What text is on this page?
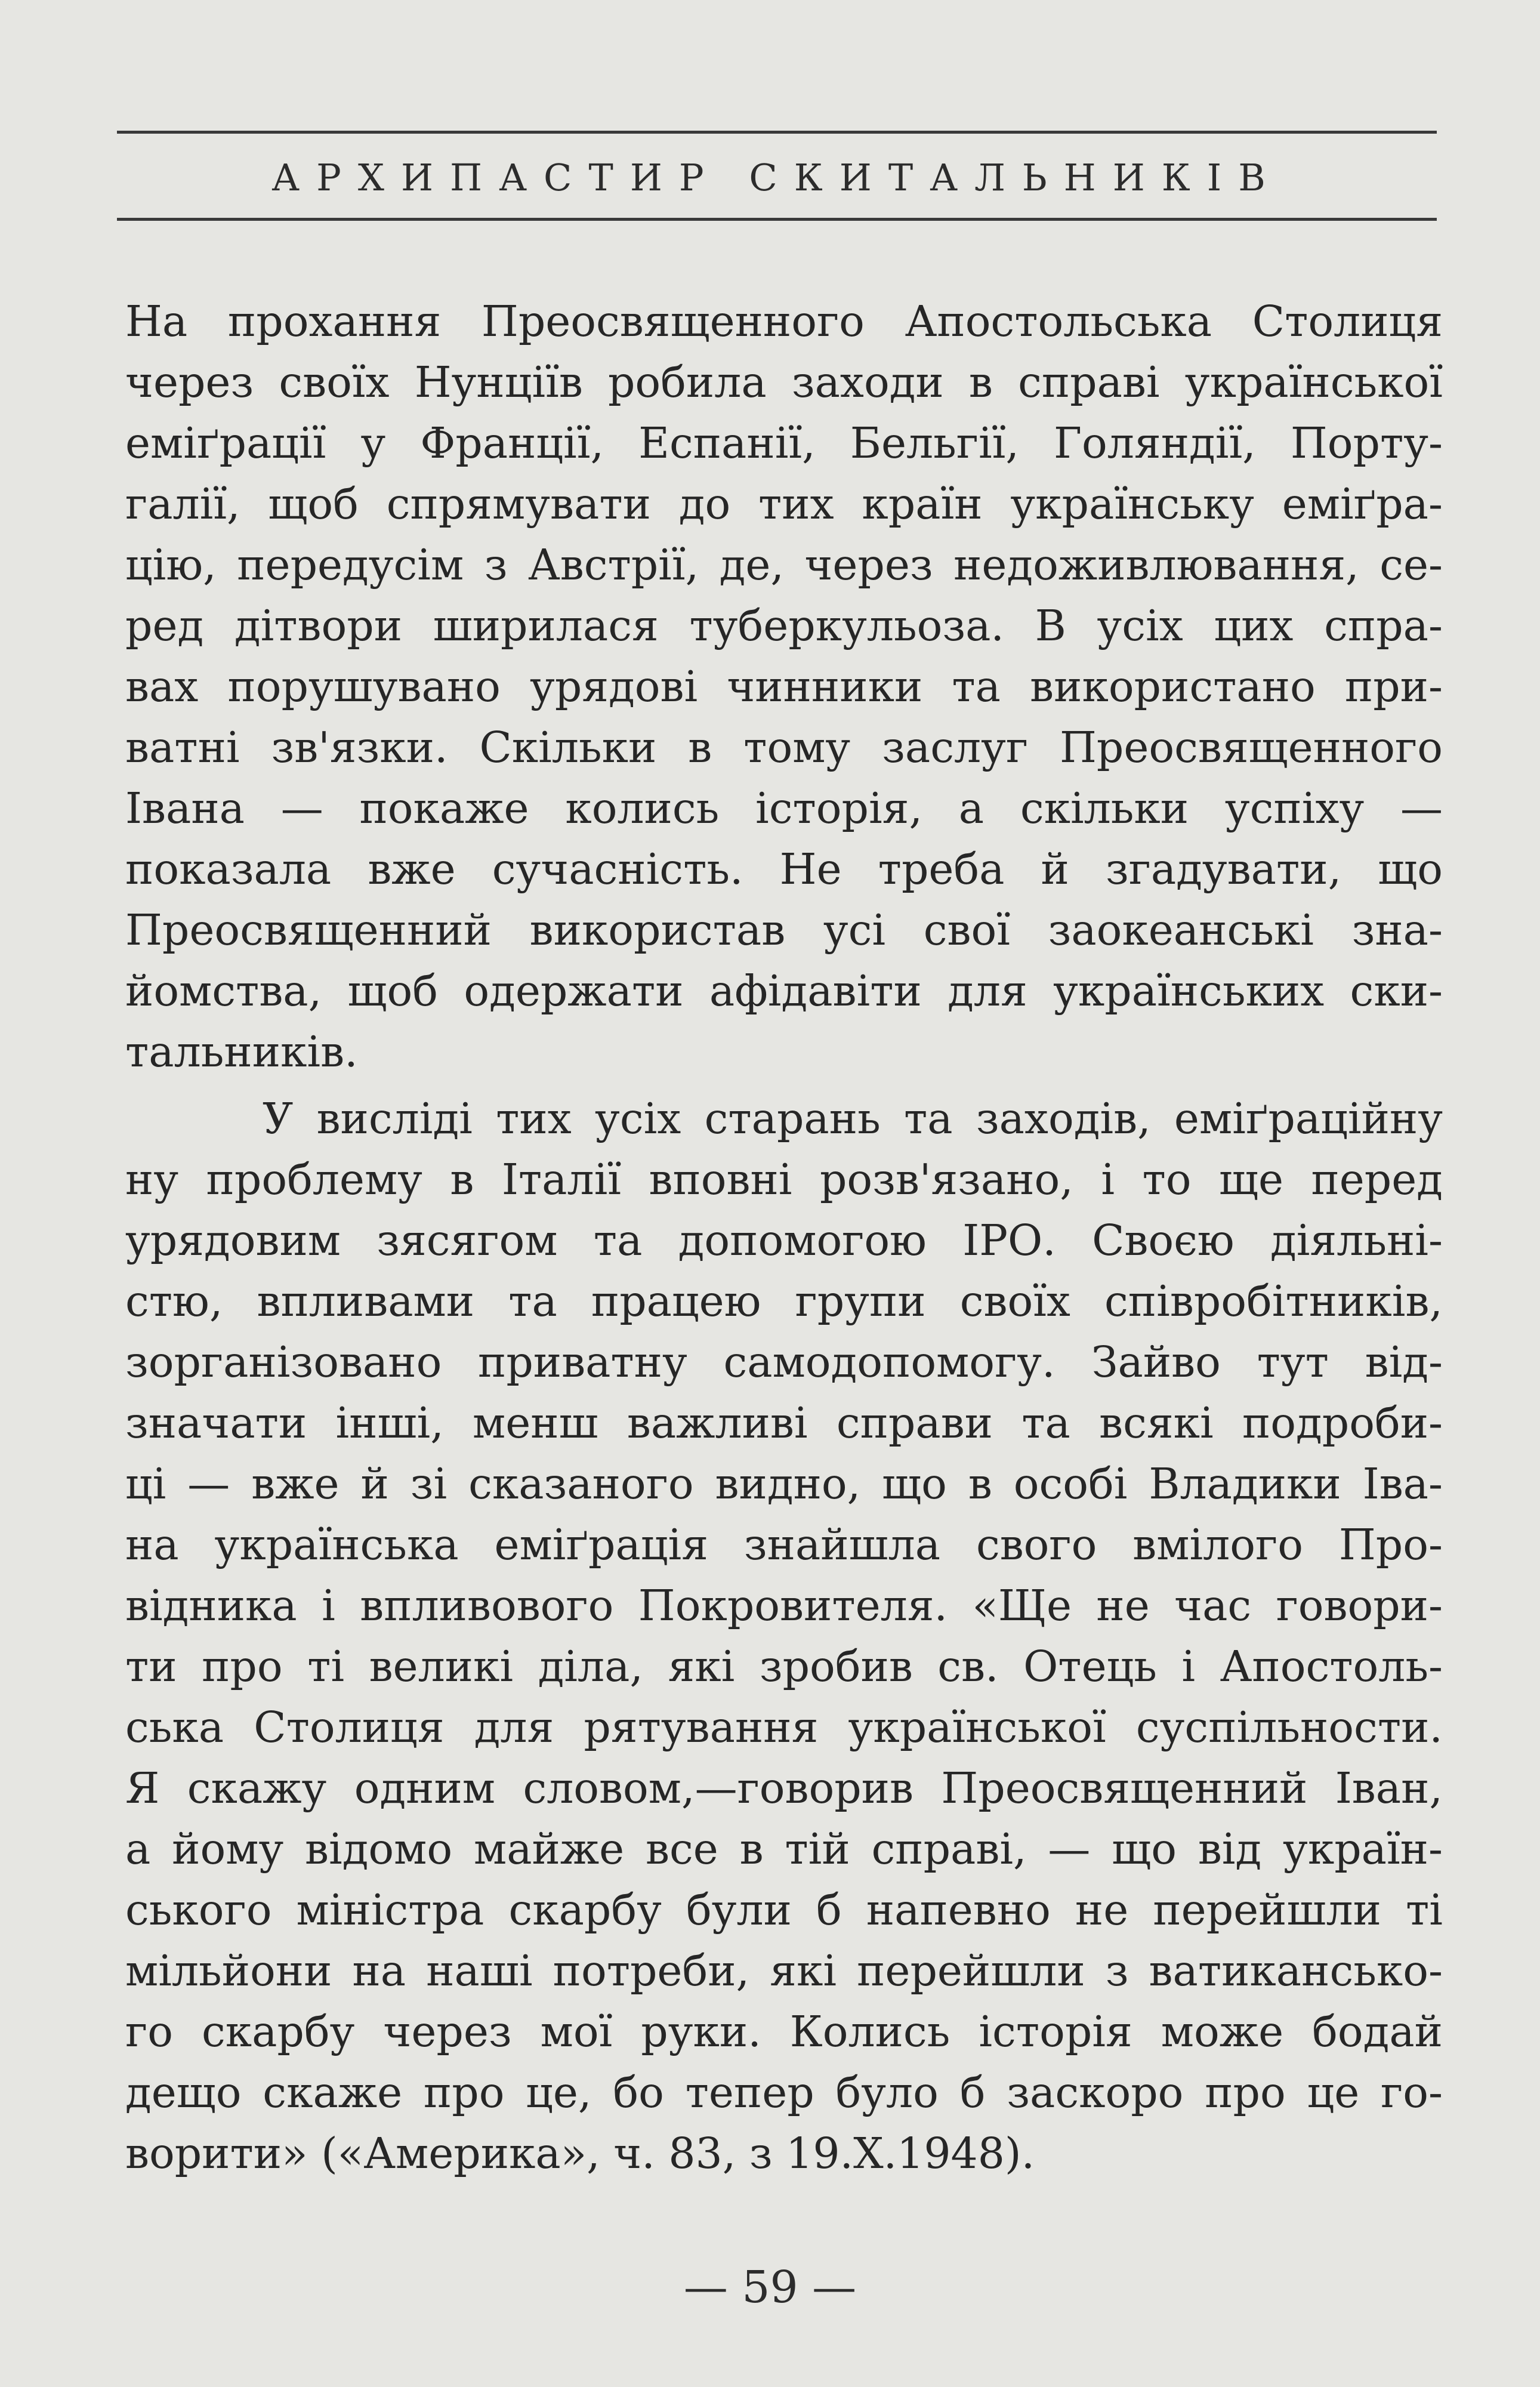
АРХИПАСТИР СКИТАЛЬНИКІВ
На прохання Преосвященного Апостольська Столиця
через своїх Нунціїв робила заходи в справі української
еміґрації у Франції, Еспанії, Бельгії, Голяндії, Порту-
галії, щоб спрямувати до тих країн українську еміґра-
цію, передусім з Австрії, де, через недоживлювання, се-
ред дітвори ширилася туберкульоза. В усіх цих спра-
вах порушувано урядові чинники та використано при-
ватні зв'язки. Скільки в тому заслуг Преосвященного
Івана — покаже колись історія, а скільки успіху —
показала вже сучасність. Не треба й згадувати, що
Преосвященний використав усі свої заокеанські зна-
йомства, щоб одержати афідавіти для українських ски-
тальників.
У висліді тих усіх старань та заходів, еміґраційну
ну проблему в Італії вповні розв'язано, і то ще перед
урядовим зясягом та допомогою ІРО. Своєю діяльні-
стю, впливами та працею групи своїх співробітників,
зорганізовано приватну самодопомогу. Зайво тут від-
значати інші, менш важливі справи та всякі подроби-
ці — вже й зі сказаного видно, що в особі Владики Іва-
на українська еміґрація знайшла свого вмілого Про-
відника і впливового Покровителя. «Ще не час говори-
ти про ті великі діла, які зробив св. Отець і Апостоль-
ська Столиця для рятування української суспільности.
Я скажу одним словом,—говорив Преосвященний Іван,
а йому відомо майже все в тій справі, — що від україн-
ського міністра скарбу були б напевно не перейшли ті
мільйони на наші потреби, які перейшли з ватикансько-
го скарбу через мої руки. Колись історія може бодай
дещо скаже про це, бо тепер було б заскоро про це го-
ворити» («Америка», ч. 83, з 19.Х.1948).
— 59 —
